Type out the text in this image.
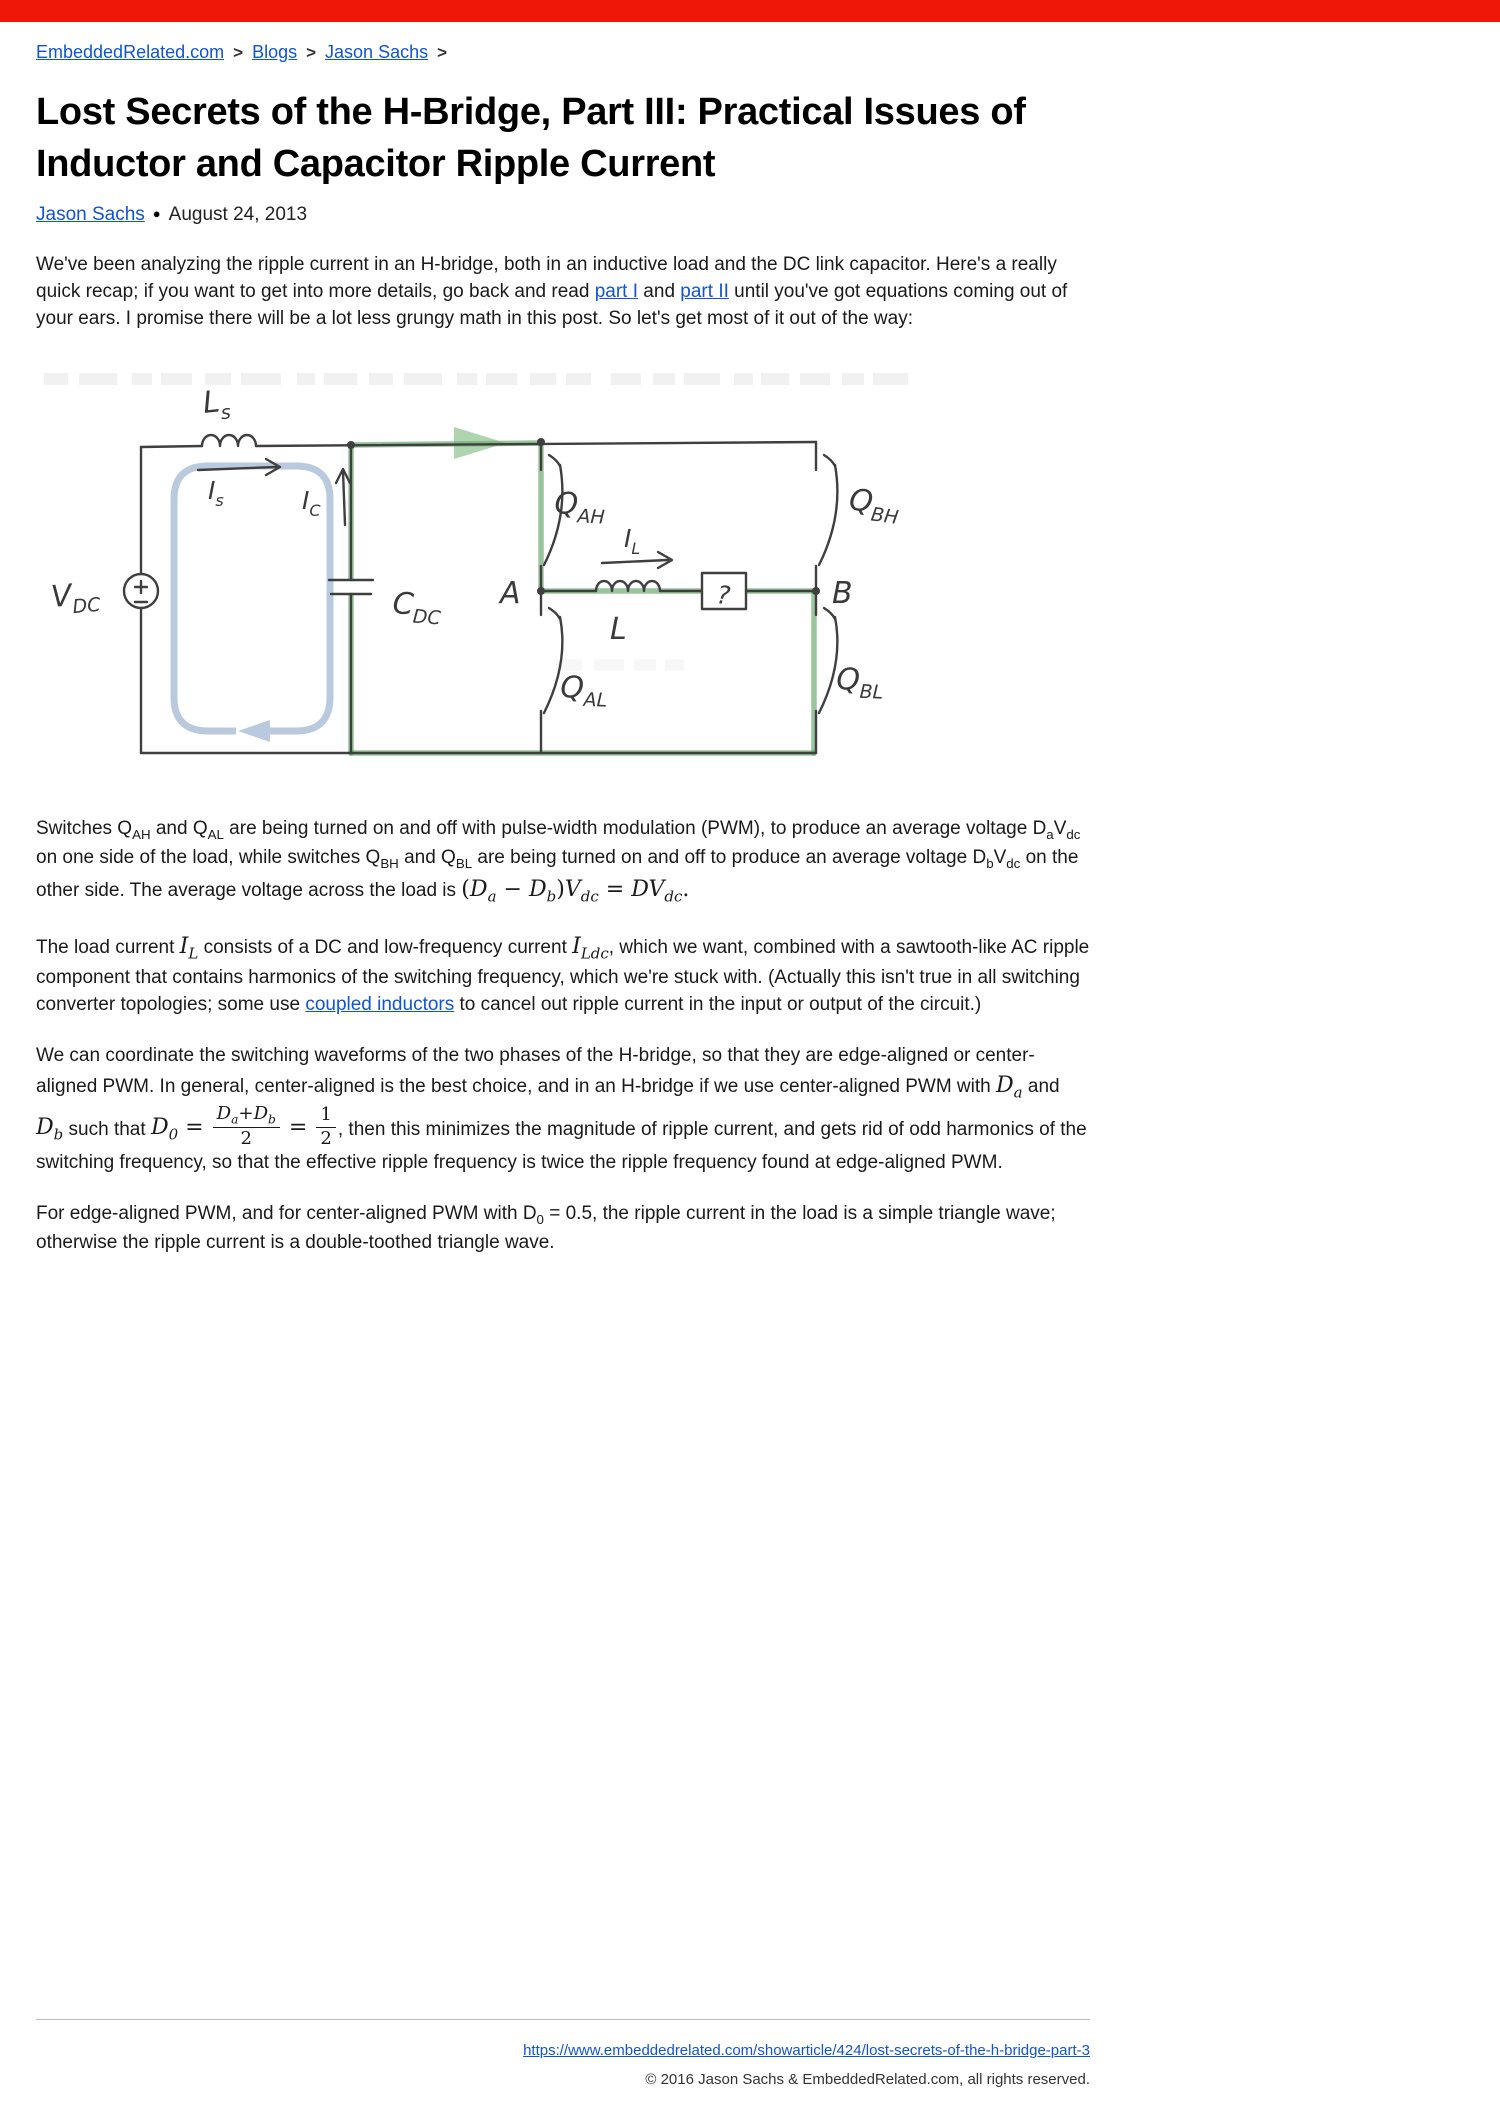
EmbeddedRelated.com > Blogs > Jason Sachs >
Lost Secrets of the H-Bridge, Part III: Practical Issues of Inductor and Capacitor Ripple Current
Jason Sachs ● August 24, 2013

We've been analyzing the ripple current in an H-bridge, both in an inductive load and the DC link capacitor. Here's a really quick recap; if you want to get into more details, go back and read part I and part II until you've got equations coming out of your ears. I promise there will be a lot less grungy math in this post. So let's get most of it out of the way:

$V_{DC}$
$L_s$
$I_s$	$I_C$
$C_{DC}$
A	B
$Q_{AH}$	$Q_{BH}$
$Q_{AL}$
$Q_{BL}$
$I_L$
L
?

Switches $Q_{AH}$ and $Q_{AL}$ are being turned on and off with pulse-width modulation (PWM), to produce an average voltage $D_aV_{dc}$ on one side of the load, while switches $Q_{BH}$ and $Q_{BL}$ are being turned on and off to produce an average voltage $D_bV_{dc}$ on the other side. The average voltage across the load is $(D_a - D_b)V_{dc} = DV_{dc}$.

The load current $I_L$ consists of a DC and low-frequency current $I_{Ldc}$, which we want, combined with a sawtooth-like AC ripple component that contains harmonics of the switching frequency, which we're stuck with. (Actually this isn't true in all switching converter topologies; some use coupled inductors to cancel out ripple current in the input or output of the circuit.)

We can coordinate the switching waveforms of the two phases of the H-bridge, so that they are edge-aligned or center-aligned PWM. In general, center-aligned is the best choice, and in an H-bridge if we use center-aligned PWM with $D_a$ and $D_b$ such that $D_0 = \frac{D_a+D_b}{2} = \frac{1}{2}$ , then this minimizes the magnitude of ripple current, and gets rid of odd harmonics of the switching frequency, so that the effective ripple frequency is twice the ripple frequency found at edge-aligned PWM.

For edge-aligned PWM, and for center-aligned PWM with $D_0 = 0.5$, the ripple current in the load is a simple triangle wave; otherwise the ripple current is a double-toothed triangle wave.

https://www.embeddedrelated.com/showarticle/424/lost-secrets-of-the-h-bridge-part-3
© 2016 Jason Sachs & EmbeddedRelated.com, all rights reserved.
